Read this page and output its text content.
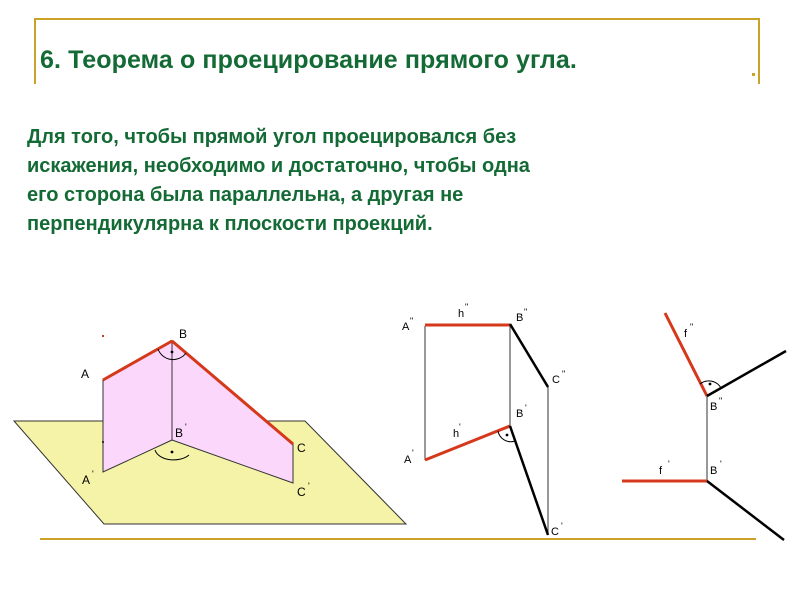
6. Теорема о проецирование прямого угла.

Для того, чтобы прямой угол проецировался без
искажения, необходимо и достаточно, чтобы одна
его сторона была параллельна, а другая не
перпендикулярна к плоскости проекций.

A
A '
B
B '
C
C '
A "
h
"
B "
C "
B '
h
'
A
'
C '
f
"
B "
f
'
B
'
